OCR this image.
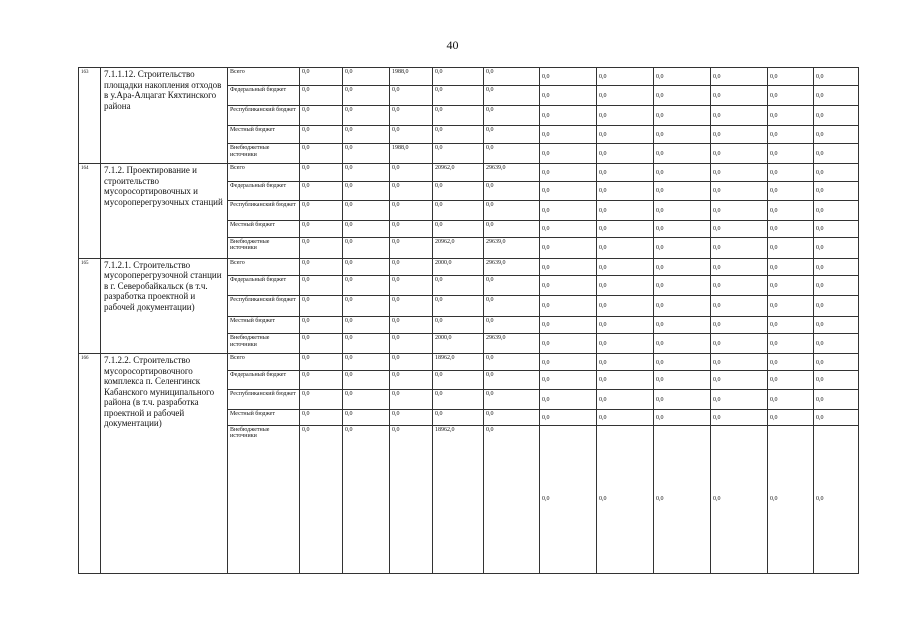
40
163	7.1.1.12. Строительство площадки накопления отходов в у.Ара-Алцагат Кяхтинского района	Всего	0,0	0,0	1988,0	0,0	0,0	0,0	0,0	0,0	0,0	0,0	0,0
		Федеральный бюджет	0,0	0,0	0,0	0,0	0,0	0,0	0,0	0,0	0,0	0,0	0,0
		Республиканский бюджет	0,0	0,0	0,0	0,0	0,0	0,0	0,0	0,0	0,0	0,0	0,0
		Местный бюджет	0,0	0,0	0,0	0,0	0,0	0,0	0,0	0,0	0,0	0,0	0,0
		Внебюджетные источники	0,0	0,0	1988,0	0,0	0,0	0,0	0,0	0,0	0,0	0,0	0,0
164	7.1.2. Проектирование и строительство мусоросортировочных и мусороперегрузочных станций	Всего	0,0	0,0	0,0	20962,0	29639,0	0,0	0,0	0,0	0,0	0,0	0,0
		Федеральный бюджет	0,0	0,0	0,0	0,0	0,0	0,0	0,0	0,0	0,0	0,0	0,0
		Республиканский бюджет	0,0	0,0	0,0	0,0	0,0	0,0	0,0	0,0	0,0	0,0	0,0
		Местный бюджет	0,0	0,0	0,0	0,0	0,0	0,0	0,0	0,0	0,0	0,0	0,0
		Внебюджетные источники	0,0	0,0	0,0	20962,0	29639,0	0,0	0,0	0,0	0,0	0,0	0,0
165	7.1.2.1. Строительство мусороперегрузочной станции в г. Северобайкальск (в т.ч. разработка проектной и рабочей документации)	Всего	0,0	0,0	0,0	2000,0	29639,0	0,0	0,0	0,0	0,0	0,0	0,0
		Федеральный бюджет	0,0	0,0	0,0	0,0	0,0	0,0	0,0	0,0	0,0	0,0	0,0
		Республиканский бюджет	0,0	0,0	0,0	0,0	0,0	0,0	0,0	0,0	0,0	0,0	0,0
		Местный бюджет	0,0	0,0	0,0	0,0	0,0	0,0	0,0	0,0	0,0	0,0	0,0
		Внебюджетные источники	0,0	0,0	0,0	2000,0	29639,0	0,0	0,0	0,0	0,0	0,0	0,0
166	7.1.2.2. Строительство мусоросортировочного комплекса п. Селенгинск Кабанского муниципального района (в т.ч. разработка проектной и рабочей документации)	Всего	0,0	0,0	0,0	18962,0	0,0	0,0	0,0	0,0	0,0	0,0	0,0
		Федеральный бюджет	0,0	0,0	0,0	0,0	0,0	0,0	0,0	0,0	0,0	0,0	0,0
		Республиканский бюджет	0,0	0,0	0,0	0,0	0,0	0,0	0,0	0,0	0,0	0,0	0,0
		Местный бюджет	0,0	0,0	0,0	0,0	0,0	0,0	0,0	0,0	0,0	0,0	0,0
		Внебюджетные источники	0,0	0,0	0,0	18962,0	0,0	0,0	0,0	0,0	0,0	0,0	0,0
